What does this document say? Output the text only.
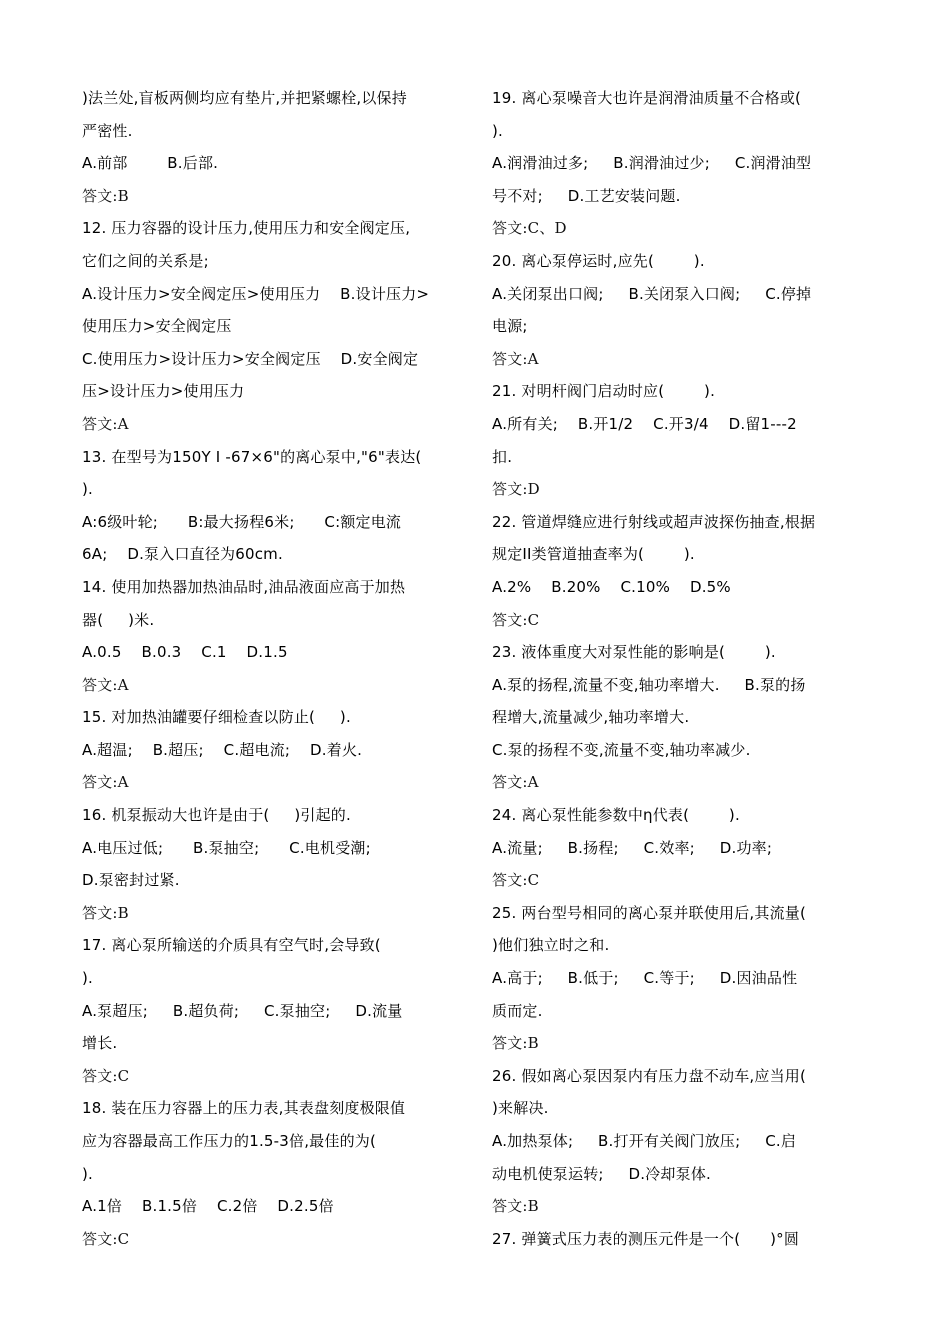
)法兰处,盲板两侧均应有垫片,并把紧螺栓,以保持
严密性.
A.前部        B.后部.
答文:B
12. 压力容器的设计压力,使用压力和安全阀定压,
它们之间的关系是;
A.设计压力>安全阀定压>使用压力    B.设计压力>
使用压力>安全阀定压
C.使用压力>设计压力>安全阀定压    D.安全阀定
压>设计压力>使用压力
答文:A
13. 在型号为150Y I -67×6"的离心泵中,"6"表达(
).
A:6级叶轮;      B:最大扬程6米;      C:额定电流
6A;    D.泵入口直径为60cm.
14. 使用加热器加热油品时,油品液面应高于加热
器(     )米.
A.0.5    B.0.3    C.1    D.1.5
答文:A
15. 对加热油罐要仔细检查以防止(     ).
A.超温;    B.超压;    C.超电流;    D.着火.
答文:A
16. 机泵振动大也许是由于(     )引起的.
A.电压过低;      B.泵抽空;      C.电机受潮;
D.泵密封过紧.
答文:B
17. 离心泵所输送的介质具有空气时,会导致(
).
A.泵超压;     B.超负荷;     C.泵抽空;     D.流量
增长.
答文:C
18. 装在压力容器上的压力表,其表盘刻度极限值
应为容器最高工作压力的1.5-3倍,最佳的为(
).
A.1倍    B.1.5倍    C.2倍    D.2.5倍
答文:C
19. 离心泵噪音大也许是润滑油质量不合格或(
).
A.润滑油过多;     B.润滑油过少;     C.润滑油型
号不对;     D.工艺安装问题.
答文:C、D
20. 离心泵停运时,应先(        ).
A.关闭泵出口阀;     B.关闭泵入口阀;     C.停掉
电源;
答文:A
21. 对明杆阀门启动时应(        ).
A.所有关;    B.开1/2    C.开3/4    D.留1---2
扣.
答文:D
22. 管道焊缝应进行射线或超声波探伤抽查,根据
规定II类管道抽查率为(        ).
A.2%    B.20%    C.10%    D.5%
答文:C
23. 液体重度大对泵性能的影响是(        ).
A.泵的扬程,流量不变,轴功率增大.     B.泵的扬
程增大,流量减少,轴功率增大.
C.泵的扬程不变,流量不变,轴功率减少.
答文:A
24. 离心泵性能参数中η代表(        ).
A.流量;     B.扬程;     C.效率;     D.功率;
答文:C
25. 两台型号相同的离心泵并联使用后,其流量(
)他们独立时之和.
A.高于;     B.低于;     C.等于;     D.因油品性
质而定.
答文:B
26. 假如离心泵因泵内有压力盘不动车,应当用(
)来解决.
A.加热泵体;     B.打开有关阀门放压;     C.启
动电机使泵运转;     D.冷却泵体.
答文:B
27. 弹簧式压力表的测压元件是一个(      )°圆
